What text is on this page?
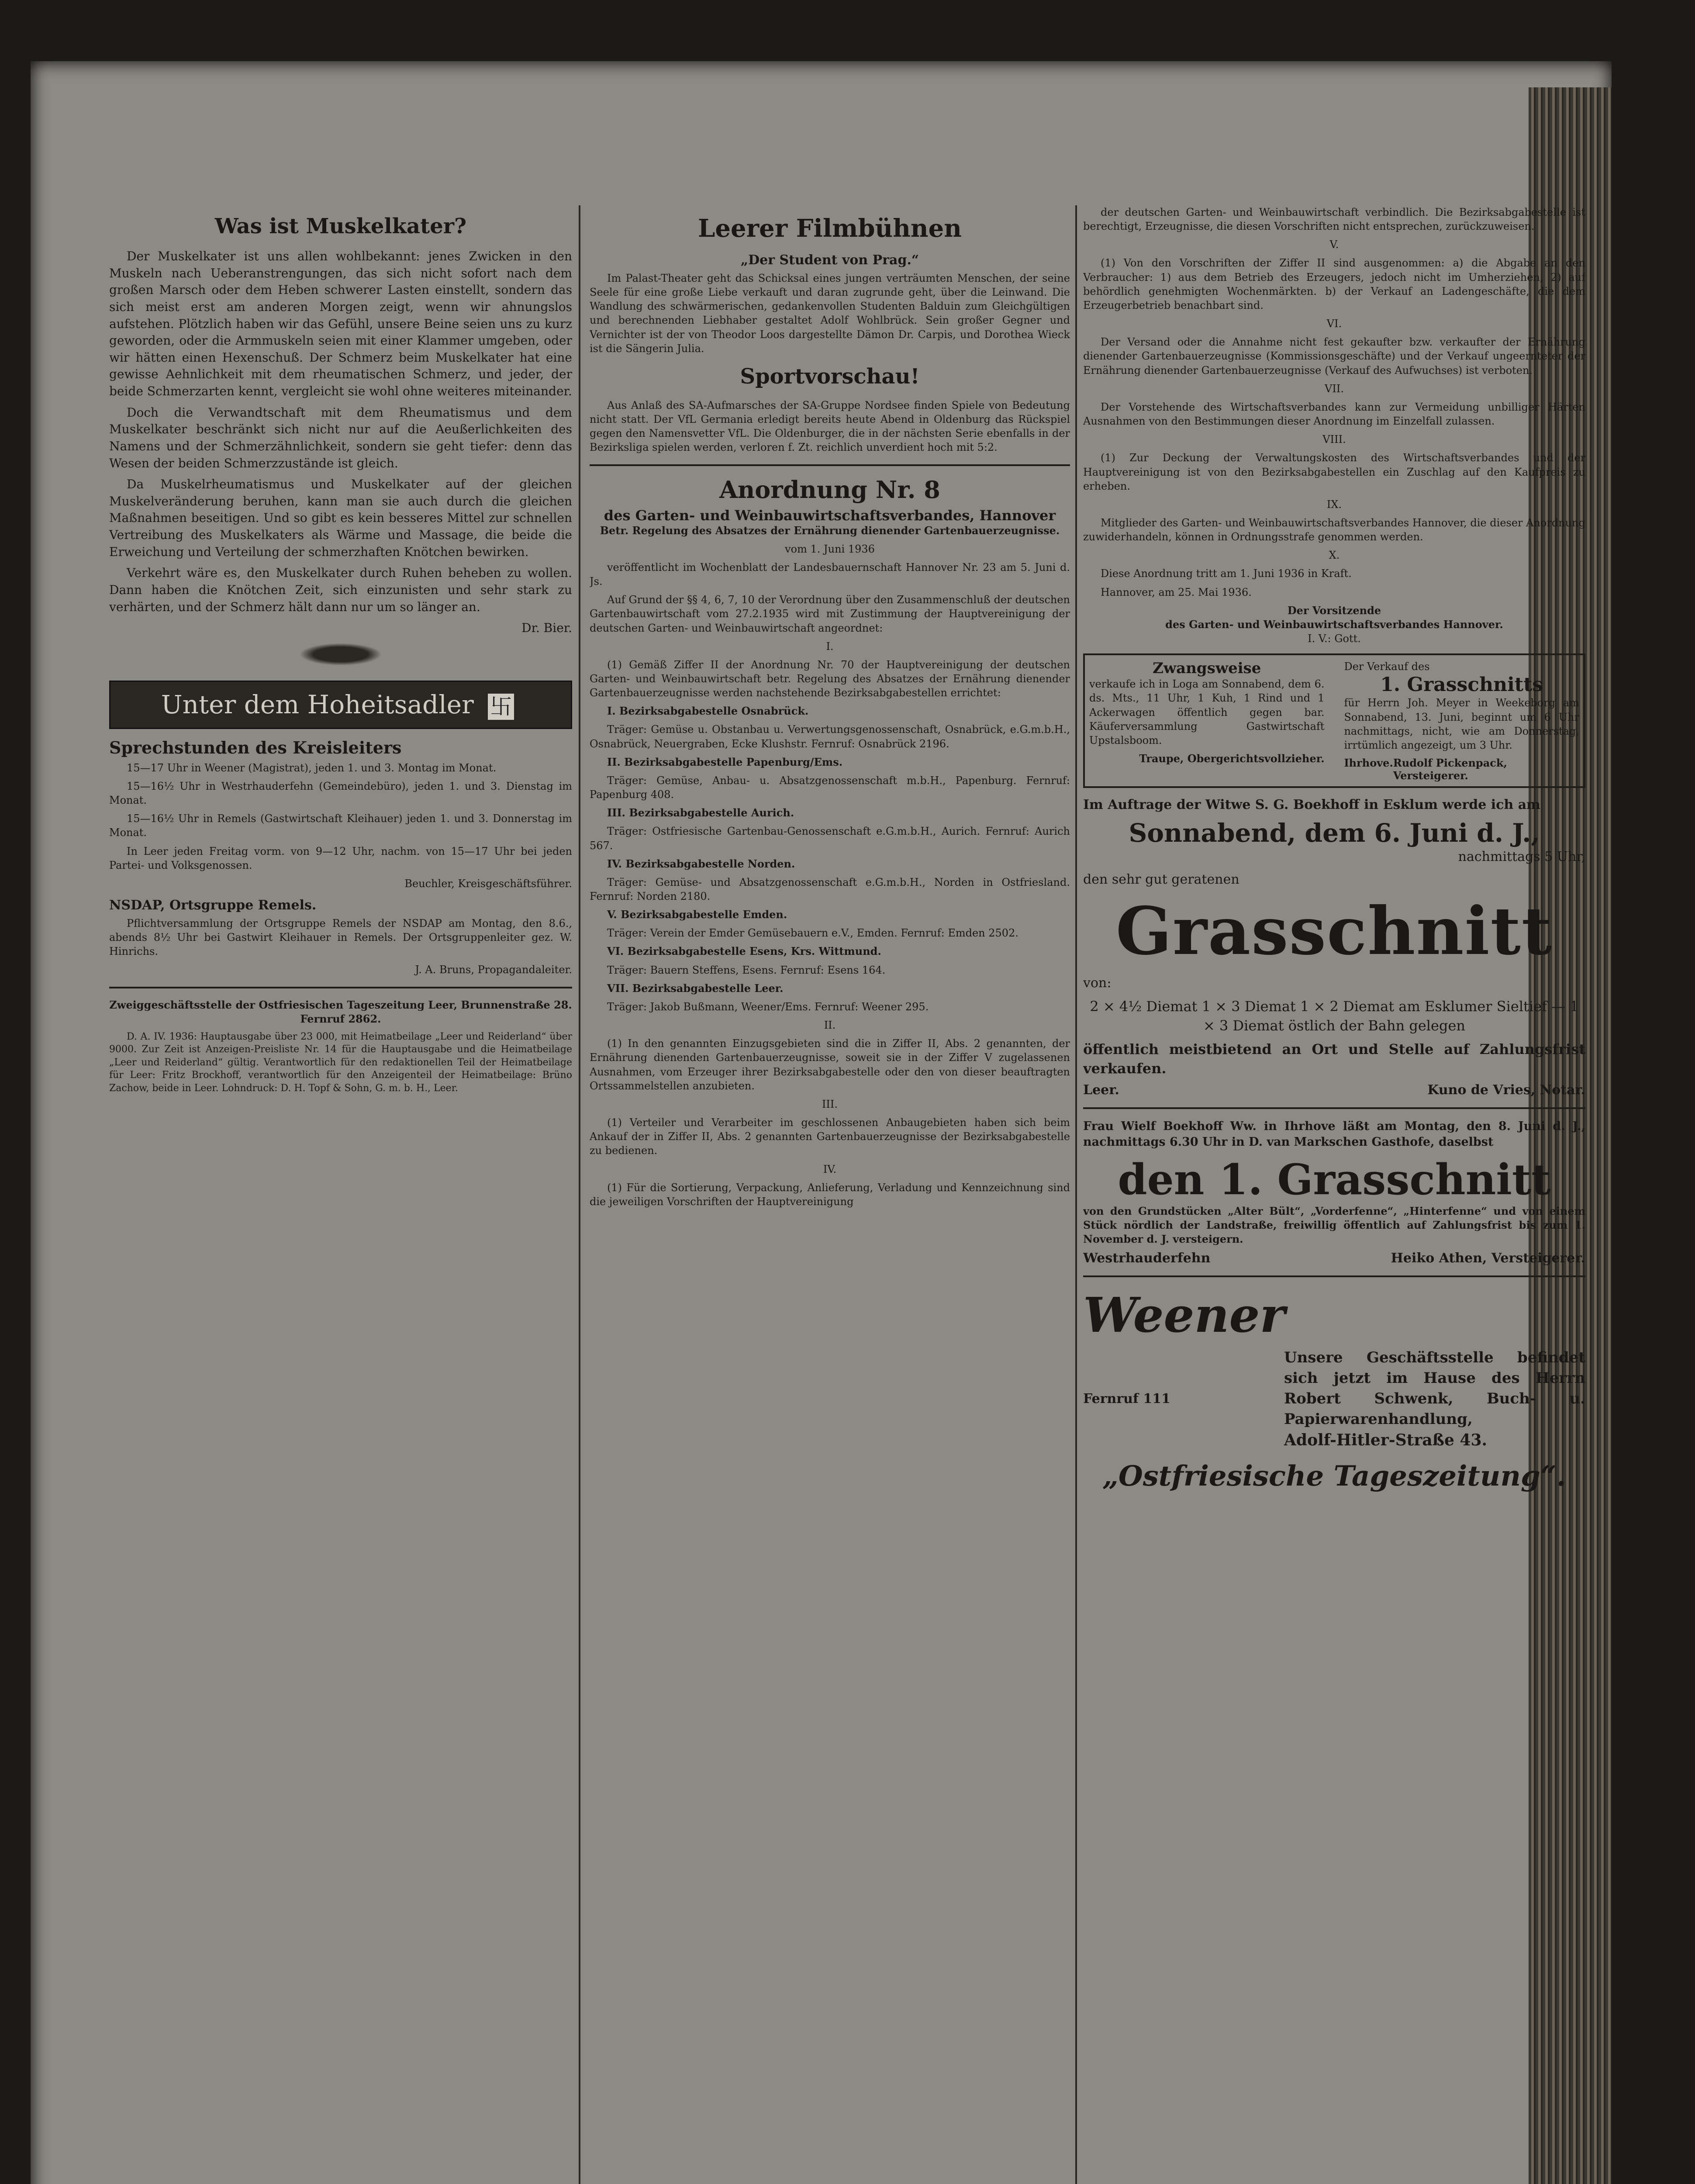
Was ist Muskelkater?

Der Muskelkater ist uns allen wohlbekannt: jenes Zwicken in den Muskeln nach Ueberanstrengungen, das sich nicht sofort nach dem großen Marsch oder dem Heben schwerer Lasten einstellt, sondern das sich meist erst am anderen Morgen zeigt, wenn wir ahnungslos aufstehen. Plötzlich haben wir das Gefühl, unsere Beine seien uns zu kurz geworden, oder die Armmuskeln seien mit einer Klammer umgeben, oder wir hätten einen Hexenschuß. Der Schmerz beim Muskelkater hat eine gewisse Aehnlichkeit mit dem rheumatischen Schmerz, und jeder, der beide Schmerzarten kennt, vergleicht sie wohl ohne weiteres miteinander.

Doch die Verwandtschaft mit dem Rheumatismus und dem Muskelkater beschränkt sich nicht nur auf die Aeußerlichkeiten des Namens und der Schmerzähnlichkeit, sondern sie geht tiefer: denn das Wesen der beiden Schmerzzustände ist gleich.

Da Muskelrheumatismus und Muskelkater auf der gleichen Muskelveränderung beruhen, kann man sie auch durch die gleichen Maßnahmen beseitigen. Und so gibt es kein besseres Mittel zur schnellen Vertreibung des Muskelkaters als Wärme und Massage, die beide die Erweichung und Verteilung der schmerzhaften Knötchen bewirken.

Verkehrt wäre es, den Muskelkater durch Ruhen beheben zu wollen. Dann haben die Knötchen Zeit, sich einzunisten und sehr stark zu verhärten, und der Schmerz hält dann nur um so länger an.

Dr. Bier.

Unter dem Hoheitsadler 卐
Sprechstunden des Kreisleiters

15—17 Uhr in Weener (Magistrat), jeden 1. und 3. Montag im Monat.

15—16½ Uhr in Westrhauderfehn (Gemeindebüro), jeden 1. und 3. Dienstag im Monat.

15—16½ Uhr in Remels (Gastwirtschaft Kleihauer) jeden 1. und 3. Donnerstag im Monat.

In Leer jeden Freitag vorm. von 9—12 Uhr, nachm. von 15—17 Uhr bei jeden Partei- und Volksgenossen.

Beuchler, Kreisgeschäftsführer.

NSDAP, Ortsgruppe Remels.

Pflichtversammlung der Ortsgruppe Remels der NSDAP am Montag, den 8.6., abends 8½ Uhr bei Gastwirt Kleihauer in Remels. Der Ortsgruppenleiter gez. W. Hinrichs.

J. A. Bruns, Propagandaleiter.

Zweiggeschäftsstelle der Ostfriesischen Tageszeitung Leer, Brunnenstraße 28. Fernruf 2862.

D. A. IV. 1936: Hauptausgabe über 23 000, mit Heimatbeilage „Leer und Reiderland“ über 9000. Zur Zeit ist Anzeigen-Preisliste Nr. 14 für die Hauptausgabe und die Heimatbeilage „Leer und Reiderland“ gültig. Verantwortlich für den redaktionellen Teil der Heimatbeilage für Leer: Fritz Brockhoff, verantwortlich für den Anzeigenteil der Heimatbeilage: Brüno Zachow, beide in Leer. Lohndruck: D. H. Topf & Sohn, G. m. b. H., Leer.

Leerer Filmbühnen
„Der Student von Prag.“

Im Palast-Theater geht das Schicksal eines jungen verträumten Menschen, der seine Seele für eine große Liebe verkauft und daran zugrunde geht, über die Leinwand. Die Wandlung des schwärmerischen, gedankenvollen Studenten Balduin zum Gleichgültigen und berechnenden Liebhaber gestaltet Adolf Wohlbrück. Sein großer Gegner und Vernichter ist der von Theodor Loos dargestellte Dämon Dr. Carpis, und Dorothea Wieck ist die Sängerin Julia.

Sportvorschau!

Aus Anlaß des SA-Aufmarsches der SA-Gruppe Nordsee finden Spiele von Bedeutung nicht statt. Der VfL Germania erledigt bereits heute Abend in Oldenburg das Rückspiel gegen den Namensvetter VfL. Die Oldenburger, die in der nächsten Serie ebenfalls in der Bezirksliga spielen werden, verloren f. Zt. reichlich unverdient hoch mit 5:2.

Anordnung Nr. 8
des Garten- und Weinbauwirtschaftsverbandes, Hannover

Betr. Regelung des Absatzes der Ernährung dienender Gartenbauerzeugnisse.

vom 1. Juni 1936

veröffentlicht im Wochenblatt der Landesbauernschaft Hannover Nr. 23 am 5. Juni d. Js.

Auf Grund der §§ 4, 6, 7, 10 der Verordnung über den Zusammenschluß der deutschen Gartenbauwirtschaft vom 27.2.1935 wird mit Zustimmung der Hauptvereinigung der deutschen Garten- und Weinbauwirtschaft angeordnet:

I.

(1) Gemäß Ziffer II der Anordnung Nr. 70 der Hauptvereinigung der deutschen Garten- und Weinbauwirtschaft betr. Regelung des Absatzes der Ernährung dienender Gartenbauerzeugnisse werden nachstehende Bezirksabgabestellen errichtet:

I. Bezirksabgabestelle Osnabrück.

Träger: Gemüse u. Obstanbau u. Verwertungsgenossenschaft, Osnabrück, e.G.m.b.H., Osnabrück, Neuergraben, Ecke Klushstr. Fernruf: Osnabrück 2196.

II. Bezirksabgabestelle Papenburg/Ems.

Träger: Gemüse, Anbau- u. Absatzgenossenschaft m.b.H., Papenburg. Fernruf: Papenburg 408.

III. Bezirksabgabestelle Aurich.

Träger: Ostfriesische Gartenbau-Genossenschaft e.G.m.b.H., Aurich. Fernruf: Aurich 567.

IV. Bezirksabgabestelle Norden.

Träger: Gemüse- und Absatzgenossenschaft e.G.m.b.H., Norden in Ostfriesland. Fernruf: Norden 2180.

V. Bezirksabgabestelle Emden.

Träger: Verein der Emder Gemüsebauern e.V., Emden. Fernruf: Emden 2502.

VI. Bezirksabgabestelle Esens, Krs. Wittmund.

Träger: Bauern Steffens, Esens. Fernruf: Esens 164.

VII. Bezirksabgabestelle Leer.

Träger: Jakob Bußmann, Weener/Ems. Fernruf: Weener 295.

II.

(1) In den genannten Einzugsgebieten sind die in Ziffer II, Abs. 2 genannten, der Ernährung dienenden Gartenbauerzeugnisse, soweit sie in der Ziffer V zugelassenen Ausnahmen, vom Erzeuger ihrer Bezirksabgabestelle oder den von dieser beauftragten Ortssammelstellen anzubieten.

III.

(1) Verteiler und Verarbeiter im geschlossenen Anbaugebieten haben sich beim Ankauf der in Ziffer II, Abs. 2 genannten Gartenbauerzeugnisse der Bezirksabgabestelle zu bedienen.

IV.

(1) Für die Sortierung, Verpackung, Anlieferung, Verladung und Kennzeichnung sind die jeweiligen Vorschriften der Hauptvereinigung

der deutschen Garten- und Weinbauwirtschaft verbindlich. Die Bezirksabgabestelle ist berechtigt, Erzeugnisse, die diesen Vorschriften nicht entsprechen, zurückzuweisen.

V.

(1) Von den Vorschriften der Ziffer II sind ausgenommen: a) die Abgabe an den Verbraucher: 1) aus dem Betrieb des Erzeugers, jedoch nicht im Umherziehen, 2) auf behördlich genehmigten Wochenmärkten. b) der Verkauf an Ladengeschäfte, die dem Erzeugerbetrieb benachbart sind.

VI.

Der Versand oder die Annahme nicht fest gekaufter bzw. verkaufter der Ernährung dienender Gartenbauerzeugnisse (Kommissionsgeschäfte) und der Verkauf ungeernteter der Ernährung dienender Gartenbauerzeugnisse (Verkauf des Aufwuchses) ist verboten.

VII.

Der Vorstehende des Wirtschaftsverbandes kann zur Vermeidung unbilliger Härten Ausnahmen von den Bestimmungen dieser Anordnung im Einzelfall zulassen.

VIII.

(1) Zur Deckung der Verwaltungskosten des Wirtschaftsverbandes und der Hauptvereinigung ist von den Bezirksabgabestellen ein Zuschlag auf den Kaufpreis zu erheben.

IX.

Mitglieder des Garten- und Weinbauwirtschaftsverbandes Hannover, die dieser Anordnung zuwiderhandeln, können in Ordnungsstrafe genommen werden.

X.

Diese Anordnung tritt am 1. Juni 1936 in Kraft.

Hannover, am 25. Mai 1936.

Der Vorsitzende

des Garten- und Weinbauwirtschaftsverbandes Hannover.

I. V.: Gott.

Zwangsweise

verkaufe ich in Logа am Sonnabend, dem 6. ds. Mts., 11 Uhr, 1 Kuh, 1 Rind und 1 Ackerwagen öffentlich gegen bar. Käuferversammlung Gastwirtschaft Upstalsboom.

Traupe, Obergerichtsvollzieher.

Der Verkauf des

1. Grasschnitts

für Herrn Joh. Meyer in Weekeborg am Sonnabend, 13. Juni, beginnt um 6 Uhr nachmittags, nicht, wie am Donnerstag, irrtümlich angezeigt, um 3 Uhr.

Ihrhove. Rudolf Pickenpack, Versteigerer.

Im Auftrage der Witwe S. G. Boekhoff in Esklum werde ich am

Sonnabend, dem 6. Juni d. J.,

nachmittags 5 Uhr,

den sehr gut geratenen

Grasschnitt

von:

2 × 4½ Diemat 1 × 3 Diemat 1 × 2 Diemat am Esklumer Sieltief — 1 × 3 Diemat östlich der Bahn gelegen

öffentlich meistbietend an Ort und Stelle auf Zahlungsfrist verkaufen.

Leer.	Kuno de Vries, Notar.

Frau Wielf Boekhoff Ww. in Ihrhove läßt am Montag, den 8. Juni d. J., nachmittags 6.30 Uhr in D. van Markschen Gasthofe, daselbst

den 1. Grasschnitt

von den Grundstücken „Alter Bült“, „Vorderfenne“, „Hinterfenne“ und von einem Stück nördlich der Landstraße, freiwillig öffentlich auf Zahlungsfrist bis zum 1. November d. J. versteigern.

Westrhauderfehn	Heiko Athen, Versteigerer.
Weener
Fernruf 111

Unsere Geschäftsstelle befindet sich jetzt im Hause des Herrn Robert Schwenk, Buch- u. Papierwarenhandlung,

Adolf-Hitler-Straße 43.

„Ostfriesische Tageszeitung“.
